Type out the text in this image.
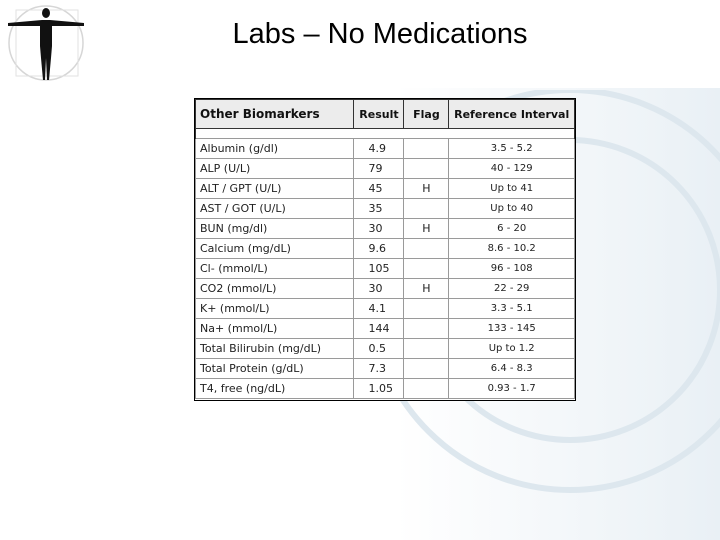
Labs – No Medications
Other Biomarkers	Result	Flag	Reference Interval

Albumin (g/dl)	4.9		3.5 - 5.2
ALP (U/L)	79		40 - 129
ALT / GPT (U/L)	45	H	Up to 41
AST / GOT (U/L)	35		Up to 40
BUN (mg/dl)	30	H	6 - 20
Calcium (mg/dL)	9.6		8.6 - 10.2
Cl- (mmol/L)	105		96 - 108
CO2 (mmol/L)	30	H	22 - 29
K+ (mmol/L)	4.1		3.3 - 5.1
Na+ (mmol/L)	144		133 - 145
Total Bilirubin (mg/dL)	0.5		Up to 1.2
Total Protein (g/dL)	7.3		6.4 - 8.3
T4, free (ng/dL)	1.05		0.93 - 1.7
